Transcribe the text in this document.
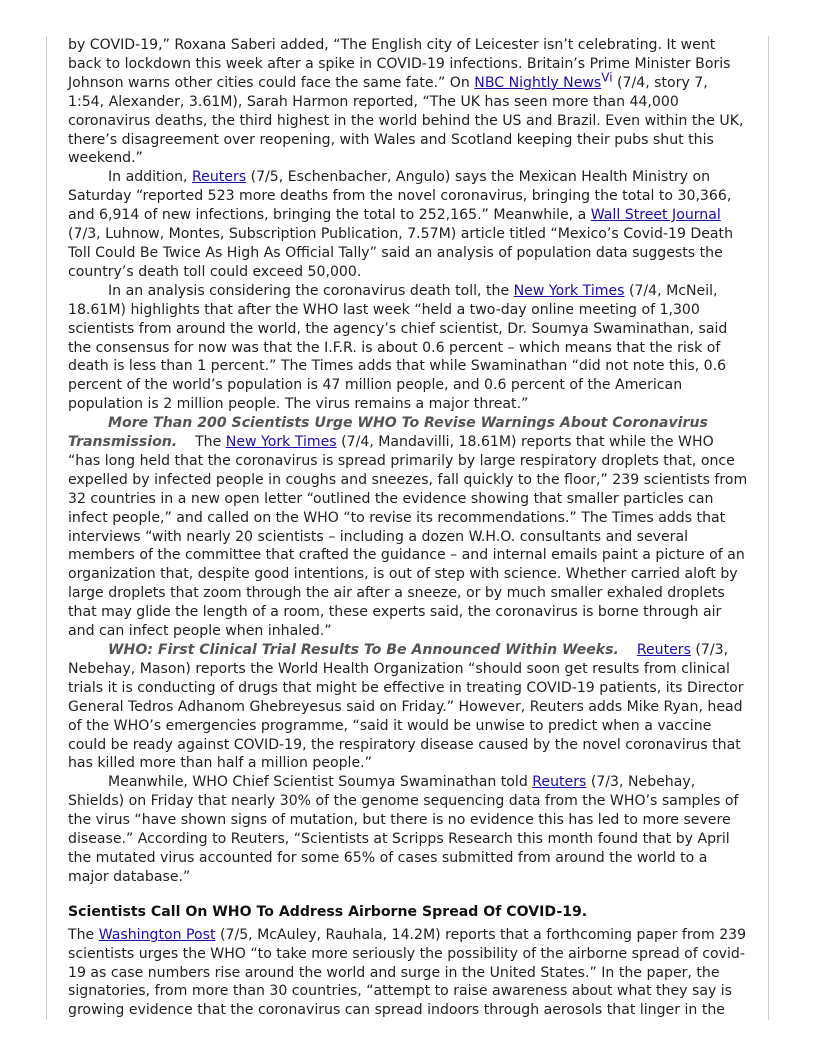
by COVID-19,” Roxana Saberi added, “The English city of Leicester isn’t celebrating. It went back to lockdown this week after a spike in COVID-19 infections. Britain’s Prime Minister Boris Johnson warns other cities could face the same fate.” On NBC Nightly NewsVi (7/4, story 7, 1:54, Alexander, 3.61M), Sarah Harmon reported, “The UK has seen more than 44,000 coronavirus deaths, the third highest in the world behind the US and Brazil. Even within the UK, there’s disagreement over reopening, with Wales and Scotland keeping their pubs shut this weekend.”

In addition, Reuters (7/5, Eschenbacher, Angulo) says the Mexican Health Ministry on Saturday “reported 523 more deaths from the novel coronavirus, bringing the total to 30,366, and 6,914 of new infections, bringing the total to 252,165.” Meanwhile, a Wall Street Journal (7/3, Luhnow, Montes, Subscription Publication, 7.57M) article titled “Mexico’s Covid-19 Death Toll Could Be Twice As High As Official Tally” said an analysis of population data suggests the country’s death toll could exceed 50,000.

In an analysis considering the coronavirus death toll, the New York Times (7/4, McNeil, 18.61M) highlights that after the WHO last week “held a two-day online meeting of 1,300 scientists from around the world, the agency’s chief scientist, Dr. Soumya Swaminathan, said the consensus for now was that the I.F.R. is about 0.6 percent – which means that the risk of death is less than 1 percent.” The Times adds that while Swaminathan “did not note this, 0.6 percent of the world’s population is 47 million people, and 0.6 percent of the American population is 2 million people. The virus remains a major threat.”

More Than 200 Scientists Urge WHO To Revise Warnings About Coronavirus Transmission.    The New York Times (7/4, Mandavilli, 18.61M) reports that while the WHO “has long held that the coronavirus is spread primarily by large respiratory droplets that, once expelled by infected people in coughs and sneezes, fall quickly to the floor,” 239 scientists from 32 countries in a new open letter “outlined the evidence showing that smaller particles can infect people,” and called on the WHO “to revise its recommendations.” The Times adds that interviews “with nearly 20 scientists – including a dozen W.H.O. consultants and several members of the committee that crafted the guidance – and internal emails paint a picture of an organization that, despite good intentions, is out of step with science. Whether carried aloft by large droplets that zoom through the air after a sneeze, or by much smaller exhaled droplets that may glide the length of a room, these experts said, the coronavirus is borne through air and can infect people when inhaled.”

WHO: First Clinical Trial Results To Be Announced Within Weeks. Reuters (7/3, Nebehay, Mason) reports the World Health Organization “should soon get results from clinical trials it is conducting of drugs that might be effective in treating COVID-19 patients, its Director General Tedros Adhanom Ghebreyesus said on Friday.” However, Reuters adds Mike Ryan, head of the WHO’s emergencies programme, “said it would be unwise to predict when a vaccine could be ready against COVID-19, the respiratory disease caused by the novel coronavirus that has killed more than half a million people.”

Meanwhile, WHO Chief Scientist Soumya Swaminathan told Reuters (7/3, Nebehay, Shields) on Friday that nearly 30% of the genome sequencing data from the WHO’s samples of the virus “have shown signs of mutation, but there is no evidence this has led to more severe disease.” According to Reuters, “Scientists at Scripps Research this month found that by April the mutated virus accounted for some 65% of cases submitted from around the world to a major database.”

Scientists Call On WHO To Address Airborne Spread Of COVID-19.

The Washington Post (7/5, McAuley, Rauhala, 14.2M) reports that a forthcoming paper from 239 scientists urges the WHO “to take more seriously the possibility of the airborne spread of covid-19 as case numbers rise around the world and surge in the United States.” In the paper, the signatories, from more than 30 countries, “attempt to raise awareness about what they say is growing evidence that the coronavirus can spread indoors through aerosols that linger in the
